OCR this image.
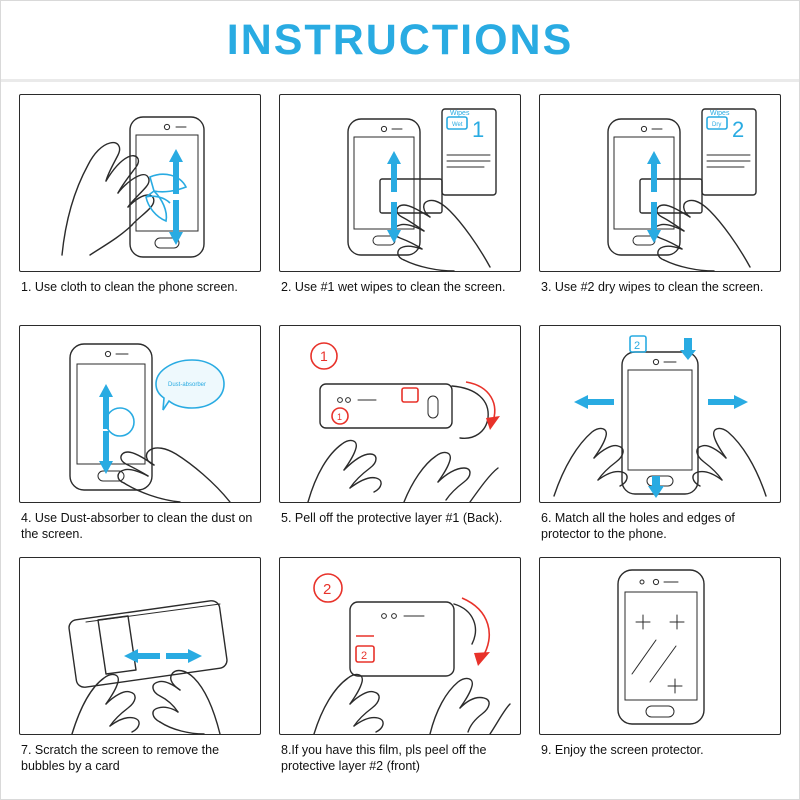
INSTRUCTIONS
1. Use cloth to clean the phone screen.
Wet
Wipes
1
2. Use #1 wet wipes to clean the screen.
Dry
Wipes
2
3. Use #2 dry wipes to clean the screen.
Dust-absorber
4. Use Dust-absorber to clean the dust on the screen.
1
1
5. Pell off the protective layer #1 (Back).
2
6. Match all the holes and edges of protector to the phone.
7. Scratch the screen to remove the bubbles by a card
2
2
8.If you have this film, pls peel off the protective layer #2 (front)
9. Enjoy the screen protector.
